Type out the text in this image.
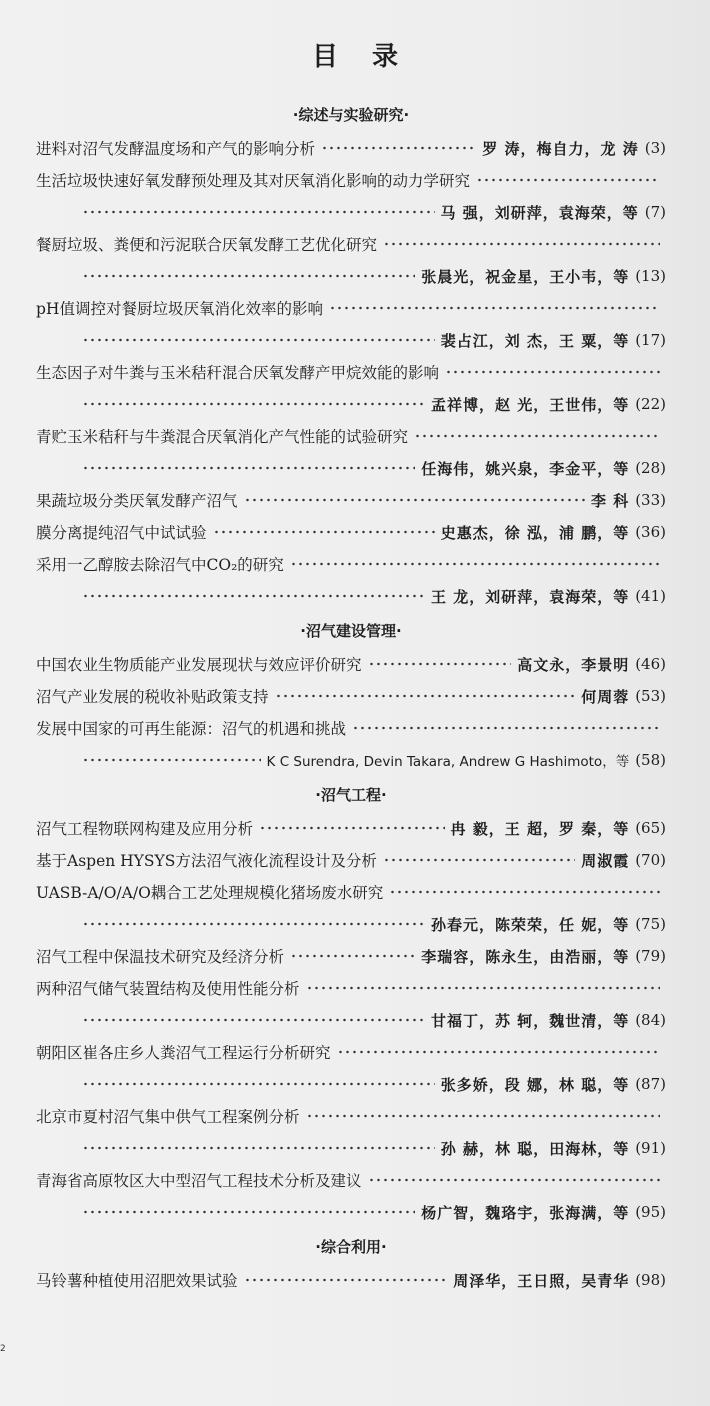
目录
·综述与实验研究·
进料对沼气发酵温度场和产气的影响分析	罗 涛，梅自力，龙 涛 (3)
生活垃圾快速好氧发酵预处理及其对厌氧消化影响的动力学研究
马 强，刘研萍，袁海荣，等 (7)
餐厨垃圾、粪便和污泥联合厌氧发酵工艺优化研究
张晨光，祝金星，王小韦，等 (13)
pH值调控对餐厨垃圾厌氧消化效率的影响
裴占江，刘 杰，王 粟，等 (17)
生态因子对牛粪与玉米秸秆混合厌氧发酵产甲烷效能的影响
孟祥博，赵 光，王世伟，等 (22)
青贮玉米秸秆与牛粪混合厌氧消化产气性能的试验研究
任海伟，姚兴泉，李金平，等 (28)
果蔬垃圾分类厌氧发酵产沼气	李 科 (33)
膜分离提纯沼气中试试验	史惠杰，徐 泓，浦 鹏，等 (36)
采用一乙醇胺去除沼气中CO₂的研究
王 龙，刘研萍，袁海荣，等 (41)
·沼气建设管理·
中国农业生物质能产业发展现状与效应评价研究	高文永，李景明 (46)
沼气产业发展的税收补贴政策支持	何周蓉 (53)
发展中国家的可再生能源：沼气的机遇和挑战
K C Surendra, Devin Takara, Andrew G Hashimoto，等 (58)
·沼气工程·
沼气工程物联网构建及应用分析	冉 毅，王 超，罗 秦，等 (65)
基于Aspen HYSYS方法沼气液化流程设计及分析	周淑霞 (70)
UASB-A/O/A/O耦合工艺处理规模化猪场废水研究
孙春元，陈荣荣，任 妮，等 (75)
沼气工程中保温技术研究及经济分析	李瑞容，陈永生，由浩丽，等 (79)
两种沼气储气装置结构及使用性能分析
甘福丁，苏 轲，魏世清，等 (84)
朝阳区崔各庄乡人粪沼气工程运行分析研究
张多娇，段 娜，林 聪，等 (87)
北京市夏村沼气集中供气工程案例分析
孙 赫，林 聪，田海林，等 (91)
青海省高原牧区大中型沼气工程技术分析及建议
杨广智，魏珞宇，张海满，等 (95)
·综合利用·
马铃薯种植使用沼肥效果试验	周泽华，王日照，吴青华 (98)
2
